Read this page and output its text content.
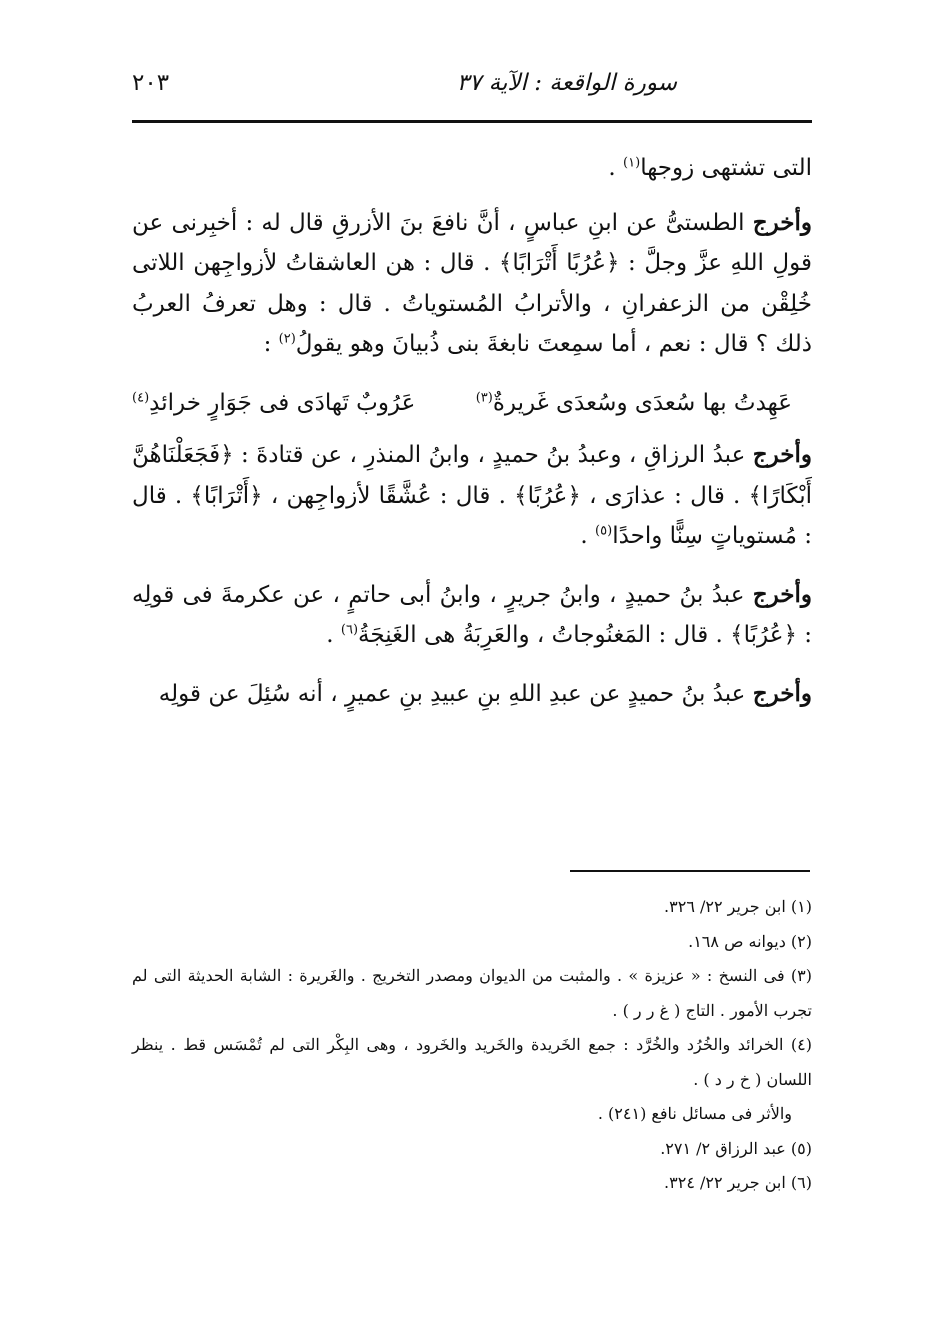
سورة الواقعة : الآية ٣٧
٢٠٣

التى تشتهى زوجها$^{(١)}$ .

وأخرج الطستىُّ عن ابنِ عباسٍ ، أنَّ نافعَ بنَ الأزرقِ قال له : أخبِرنى عن قولِ اللهِ عزَّ وجلَّ : ﴿عُرُبًا أَتْرَابًا﴾ . قال : هن العاشقاتُ لأزواجِهن اللاتى خُلِقْن من الزعفرانِ ، والأترابُ المُستوياتُ . قال : وهل تعرفُ العربُ ذلك ؟ قال : نعم ، أما سمِعتَ نابغةَ بنى ذُبيانَ وهو يقولُ$^{(٢)}$ :

عَهِدتُ بها سُعدَى وسُعدَى غَريرةٌ$^{(٣)}$
عَرُوبٌ تَهادَى فى جَوَارٍ خرائدِ$^{(٤)}$

وأخرج عبدُ الرزاقِ ، وعبدُ بنُ حميدٍ ، وابنُ المنذرِ ، عن قتادةَ : ﴿فَجَعَلْنَاهُنَّ أَبْكَارًا﴾ . قال : عذارَى ، ﴿عُرُبًا﴾ . قال : عُشَّقًا لأزواجِهن ، ﴿أَتْرَابًا﴾ . قال : مُستوياتٍ سِنًّا واحدًا$^{(٥)}$ .

وأخرج عبدُ بنُ حميدٍ ، وابنُ جريرٍ ، وابنُ أبى حاتمٍ ، عن عكرمةَ فى قولِه : ﴿عُرُبًا﴾ . قال : المَغنُوجاتُ ، والعَرِبَةُ هى الغَنِجَةُ$^{(٦)}$ .

وأخرج عبدُ بنُ حميدٍ عن عبدِ اللهِ بنِ عبيدِ بنِ عميرٍ ، أنه سُئِلَ عن قولِه

(١) ابن جرير ٢٢/ ٣٢٦.

(٢) ديوانه ص ١٦٨.

(٣) فى النسخ : « عزيزة » . والمثبت من الديوان ومصدر التخريج . والغَريرة : الشابة الحديثة التى لم تجرب الأمور . التاج ( غ ر ر ) .

(٤) الخرائد والخُرُد والخُرَّد : جمع الخَريدة والخَريد والخَرود ، وهى البِكْر التى لم تُمْسَس قط . ينظر اللسان ( خ ر د ) .

والأثر فى مسائل نافع (٢٤١) .

(٥) عبد الرزاق ٢/ ٢٧١.

(٦) ابن جرير ٢٢/ ٣٢٤.
